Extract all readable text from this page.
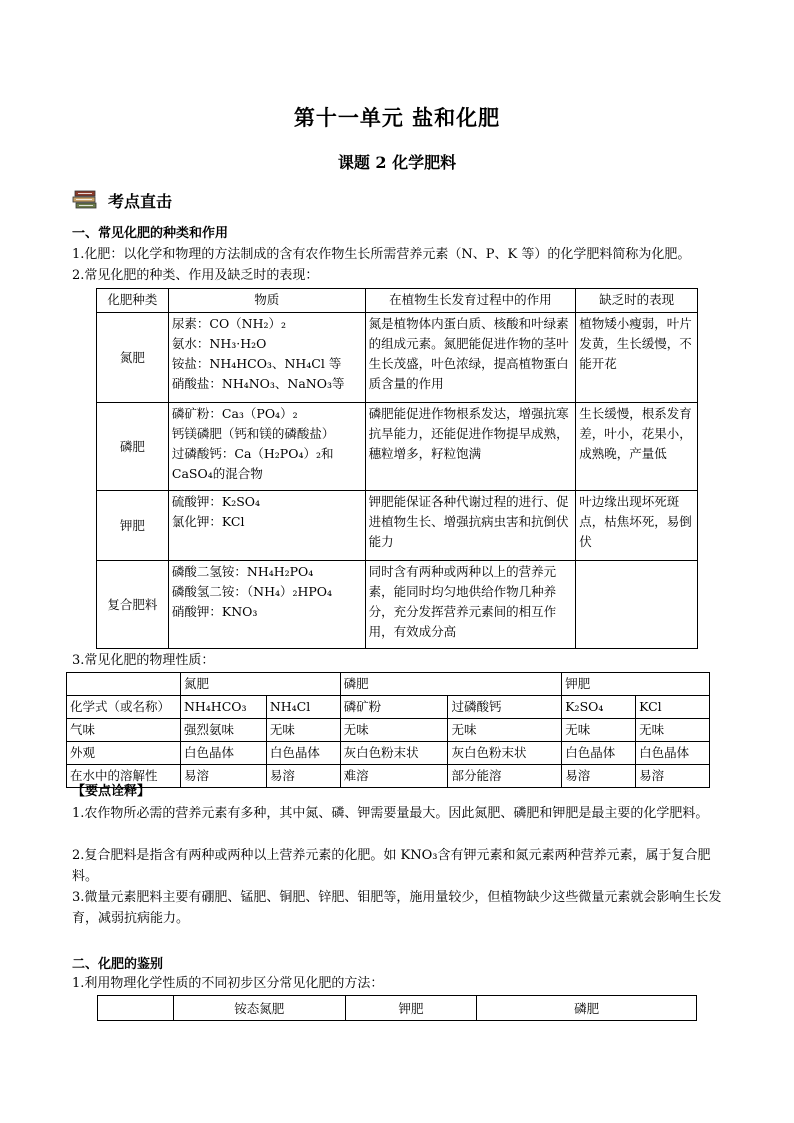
第十一单元 盐和化肥
课题 2 化学肥料
考点直击
一、常见化肥的种类和作用
1.化肥：以化学和物理的方法制成的含有农作物生长所需营养元素（N、P、K 等）的化学肥料简称为化肥。
2.常见化肥的种类、作用及缺乏时的表现：
化肥种类	物质	在植物生长发育过程中的作用	缺乏时的表现
氮肥	尿素：CO（NH₂）₂
氨水：NH₃·H₂O
铵盐：NH₄HCO₃、NH₄Cl 等
硝酸盐：NH₄NO₃、NaNO₃等	氮是植物体内蛋白质、核酸和叶绿素的组成元素。氮肥能促进作物的茎叶生长茂盛，叶色浓绿，提高植物蛋白质含量的作用	植物矮小瘦弱，叶片发黄，生长缓慢，不能开花
磷肥	磷矿粉：Ca₃（PO₄）₂
钙镁磷肥（钙和镁的磷酸盐）
过磷酸钙：Ca（H₂PO₄）₂和
CaSO₄的混合物	磷肥能促进作物根系发达，增强抗寒抗旱能力，还能促进作物提早成熟，穗粒增多，籽粒饱满	生长缓慢，根系发育差，叶小，花果小，成熟晚，产量低
钾肥	硫酸钾：K₂SO₄
氯化钾：KCl	钾肥能保证各种代谢过程的进行、促进植物生长、增强抗病虫害和抗倒伏能力	叶边缘出现坏死斑点，枯焦坏死，易倒伏
复合肥料	磷酸二氢铵：NH₄H₂PO₄
磷酸氢二铵：（NH₄）₂HPO₄
硝酸钾：KNO₃	同时含有两种或两种以上的营养元素，能同时均匀地供给作物几种养分，充分发挥营养元素间的相互作用，有效成分高	
3.常见化肥的物理性质：
	氮肥		磷肥		钾肥	
化学式（或名称）	NH₄HCO₃	NH₄Cl	磷矿粉	过磷酸钙	K₂SO₄	KCl
气味	强烈氨味	无味	无味	无味	无味	无味
外观	白色晶体	白色晶体	灰白色粉末状	灰白色粉末状	白色晶体	白色晶体
在水中的溶解性	易溶	易溶	难溶	部分能溶	易溶	易溶
【要点诠释】
1.农作物所必需的营养元素有多种，其中氮、磷、钾需要量最大。因此氮肥、磷肥和钾肥是最主要的化学肥料。
2.复合肥料是指含有两种或两种以上营养元素的化肥。如 KNO₃含有钾元素和氮元素两种营养元素，属于复合肥料。
3.微量元素肥料主要有硼肥、锰肥、铜肥、锌肥、钼肥等，施用量较少，但植物缺少这些微量元素就会影响生长发育，减弱抗病能力。
二、化肥的鉴别
1.利用物理化学性质的不同初步区分常见化肥的方法：
	铵态氮肥	钾肥	磷肥
